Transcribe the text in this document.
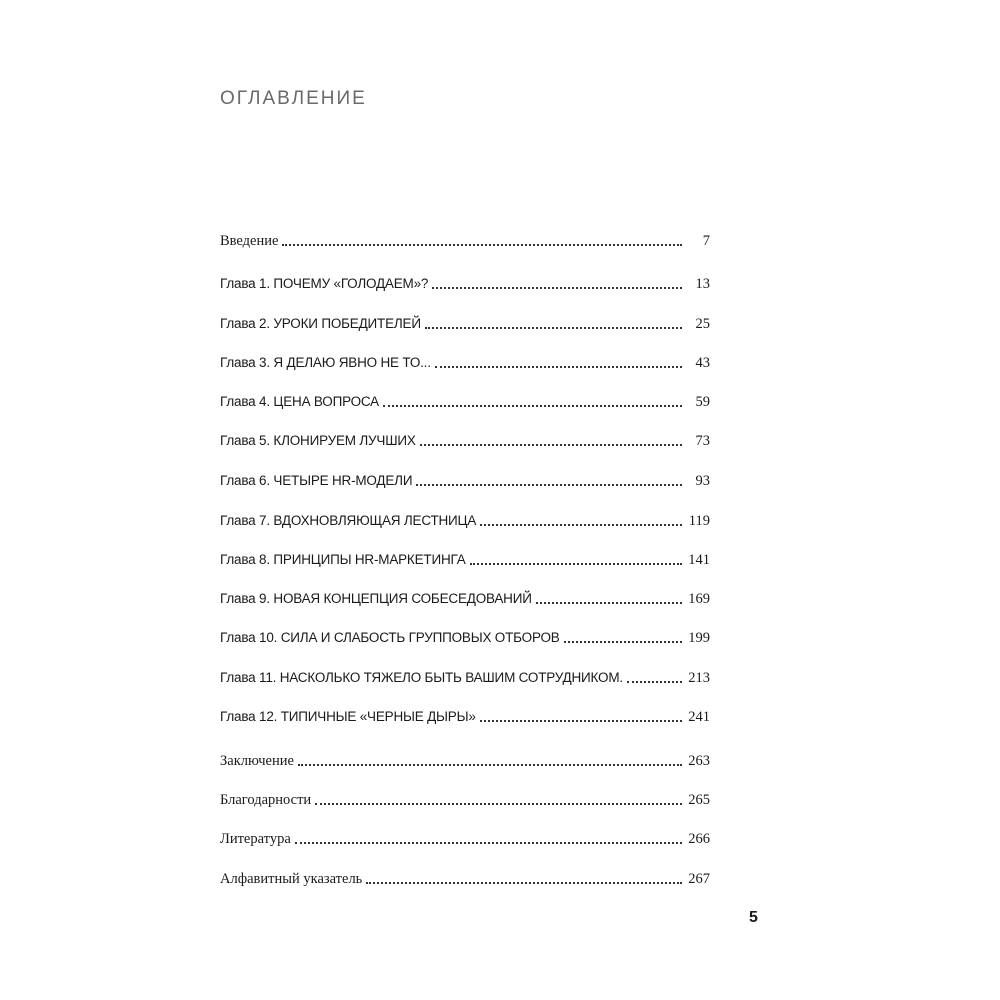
ОГЛАВЛЕНИЕ
Введение	7
Глава 1. ПОЧЕМУ «ГОЛОДАЕМ»?	13
Глава 2. УРОКИ ПОБЕДИТЕЛЕЙ	25
Глава 3. Я ДЕЛАЮ ЯВНО НЕ ТО...	43
Глава 4. ЦЕНА ВОПРОСА	59
Глава 5. КЛОНИРУЕМ ЛУЧШИХ	73
Глава 6. ЧЕТЫРЕ HR-МОДЕЛИ	93
Глава 7. ВДОХНОВЛЯЮЩАЯ ЛЕСТНИЦА	119
Глава 8. ПРИНЦИПЫ HR-МАРКЕТИНГА	141
Глава 9. НОВАЯ КОНЦЕПЦИЯ СОБЕСЕДОВАНИЙ	169
Глава 10. СИЛА И СЛАБОСТЬ ГРУППОВЫХ ОТБОРОВ	199
Глава 11. НАСКОЛЬКО ТЯЖЕЛО БЫТЬ ВАШИМ СОТРУДНИКОМ.	213
Глава 12. ТИПИЧНЫЕ «ЧЕРНЫЕ ДЫРЫ»	241
Заключение	263
Благодарности	265
Литература	266
Алфавитный указатель	267
5
